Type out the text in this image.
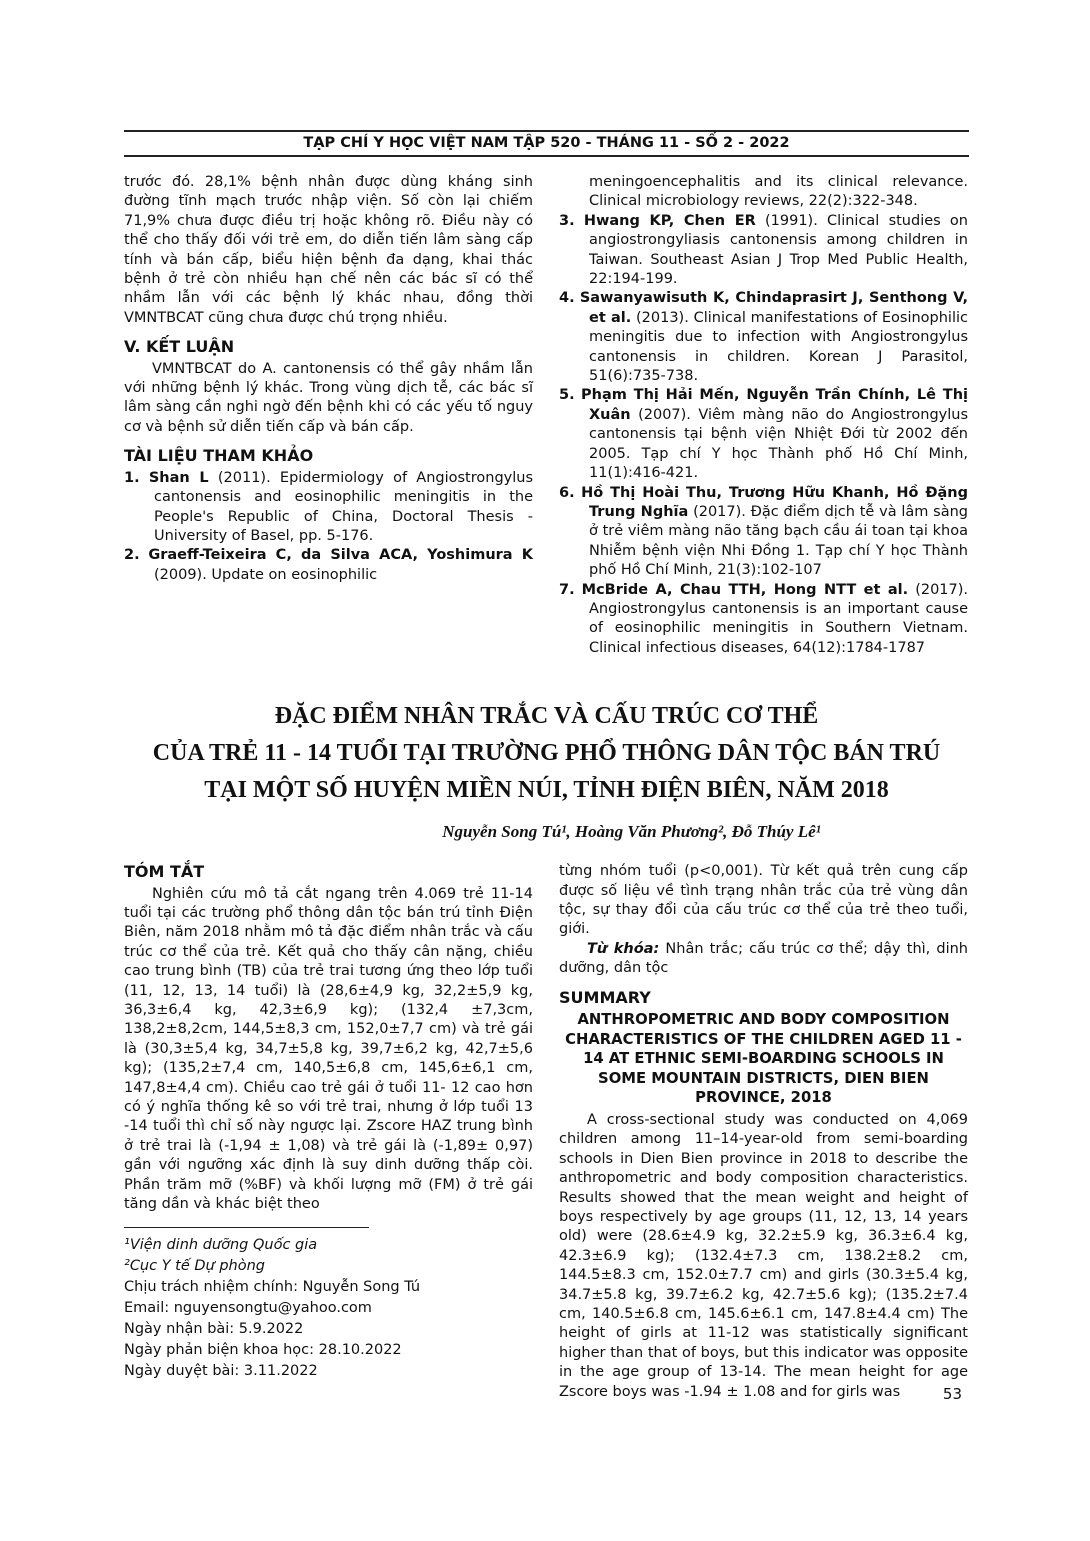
TẠP CHÍ Y HỌC VIỆT NAM TẬP 520 - THÁNG 11 - SỐ 2 - 2022

trước đó. 28,1% bệnh nhân được dùng kháng sinh đường tĩnh mạch trước nhập viện. Số còn lại chiếm 71,9% chưa được điều trị hoặc không rõ. Điều này có thể cho thấy đối với trẻ em, do diễn tiến lâm sàng cấp tính và bán cấp, biểu hiện bệnh đa dạng, khai thác bệnh ở trẻ còn nhiều hạn chế nên các bác sĩ có thể nhầm lẫn với các bệnh lý khác nhau, đồng thời VMNTBCAT cũng chưa được chú trọng nhiều.

V. KẾT LUẬN

VMNTBCAT do A. cantonensis có thể gây nhầm lẫn với những bệnh lý khác. Trong vùng dịch tễ, các bác sĩ lâm sàng cần nghi ngờ đến bệnh khi có các yếu tố nguy cơ và bệnh sử diễn tiến cấp và bán cấp.

TÀI LIỆU THAM KHẢO

1. Shan L (2011). Epidermiology of Angiostrongylus cantonensis and eosinophilic meningitis in the People's Republic of China, Doctoral Thesis - University of Basel, pp. 5-176.

2. Graeff-Teixeira C, da Silva ACA, Yoshimura K (2009). Update on eosinophilic

meningoencephalitis and its clinical relevance. Clinical microbiology reviews, 22(2):322-348.

3. Hwang KP, Chen ER (1991). Clinical studies on angiostrongyliasis cantonensis among children in Taiwan. Southeast Asian J Trop Med Public Health, 22:194-199.

4. Sawanyawisuth K, Chindaprasirt J, Senthong V, et al. (2013). Clinical manifestations of Eosinophilic meningitis due to infection with Angiostrongylus cantonensis in children. Korean J Parasitol, 51(6):735-738.

5. Phạm Thị Hải Mến, Nguyễn Trần Chính, Lê Thị Xuân (2007). Viêm màng não do Angiostrongylus cantonensis tại bệnh viện Nhiệt Đới từ 2002 đến 2005. Tạp chí Y học Thành phố Hồ Chí Minh, 11(1):416-421.

6. Hồ Thị Hoài Thu, Trương Hữu Khanh, Hồ Đặng Trung Nghĩa (2017). Đặc điểm dịch tễ và lâm sàng ở trẻ viêm màng não tăng bạch cầu ái toan tại khoa Nhiễm bệnh viện Nhi Đồng 1. Tạp chí Y học Thành phố Hồ Chí Minh, 21(3):102-107

7. McBride A, Chau TTH, Hong NTT et al. (2017). Angiostrongylus cantonensis is an important cause of eosinophilic meningitis in Southern Vietnam. Clinical infectious diseases, 64(12):1784-1787

ĐẶC ĐIỂM NHÂN TRẮC VÀ CẤU TRÚC CƠ THỂ
CỦA TRẺ 11 - 14 TUỔI TẠI TRƯỜNG PHỔ THÔNG DÂN TỘC BÁN TRÚ
TẠI MỘT SỐ HUYỆN MIỀN NÚI, TỈNH ĐIỆN BIÊN, NĂM 2018
Nguyễn Song Tú¹, Hoàng Văn Phương², Đỗ Thúy Lê¹
TÓM TẮT

Nghiên cứu mô tả cắt ngang trên 4.069 trẻ 11-14 tuổi tại các trường phổ thông dân tộc bán trú tỉnh Điện Biên, năm 2018 nhằm mô tả đặc điểm nhân trắc và cấu trúc cơ thể của trẻ. Kết quả cho thấy cân nặng, chiều cao trung bình (TB) của trẻ trai tương ứng theo lớp tuổi (11, 12, 13, 14 tuổi) là (28,6±4,9 kg, 32,2±5,9 kg, 36,3±6,4 kg, 42,3±6,9 kg); (132,4 ±7,3cm, 138,2±8,2cm, 144,5±8,3 cm, 152,0±7,7 cm) và trẻ gái là (30,3±5,4 kg, 34,7±5,8 kg, 39,7±6,2 kg, 42,7±5,6 kg); (135,2±7,4 cm, 140,5±6,8 cm, 145,6±6,1 cm, 147,8±4,4 cm). Chiều cao trẻ gái ở tuổi 11- 12 cao hơn có ý nghĩa thống kê so với trẻ trai, nhưng ở lớp tuổi 13 -14 tuổi thì chỉ số này ngược lại. Zscore HAZ trung bình ở trẻ trai là (-1,94 ± 1,08) và trẻ gái là (-1,89± 0,97) gần với ngưỡng xác định là suy dinh dưỡng thấp còi. Phần trăm mỡ (%BF) và khối lượng mỡ (FM) ở trẻ gái tăng dần và khác biệt theo

¹Viện dinh dưỡng Quốc gia
²Cục Y tế Dự phòng
Chịu trách nhiệm chính: Nguyễn Song Tú
Email: nguyensongtu@yahoo.com
Ngày nhận bài: 5.9.2022
Ngày phản biện khoa học: 28.10.2022
Ngày duyệt bài: 3.11.2022

từng nhóm tuổi (p<0,001). Từ kết quả trên cung cấp được số liệu về tình trạng nhân trắc của trẻ vùng dân tộc, sự thay đổi của cấu trúc cơ thể của trẻ theo tuổi, giới.

Từ khóa: Nhân trắc; cấu trúc cơ thể; dậy thì, dinh dưỡng, dân tộc

SUMMARY
ANTHROPOMETRIC AND BODY COMPOSITION CHARACTERISTICS OF THE CHILDREN AGED 11 - 14 AT ETHNIC SEMI-BOARDING SCHOOLS IN SOME MOUNTAIN DISTRICTS, DIEN BIEN PROVINCE, 2018

A cross-sectional study was conducted on 4,069 children among 11–14-year-old from semi-boarding schools in Dien Bien province in 2018 to describe the anthropometric and body composition characteristics. Results showed that the mean weight and height of boys respectively by age groups (11, 12, 13, 14 years old) were (28.6±4.9 kg, 32.2±5.9 kg, 36.3±6.4 kg, 42.3±6.9 kg); (132.4±7.3 cm, 138.2±8.2 cm, 144.5±8.3 cm, 152.0±7.7 cm) and girls (30.3±5.4 kg, 34.7±5.8 kg, 39.7±6.2 kg, 42.7±5.6 kg); (135.2±7.4 cm, 140.5±6.8 cm, 145.6±6.1 cm, 147.8±4.4 cm) The height of girls at 11-12 was statistically significant higher than that of boys, but this indicator was opposite in the age group of 13-14. The mean height for age Zscore boys was -1.94 ± 1.08 and for girls was	53
